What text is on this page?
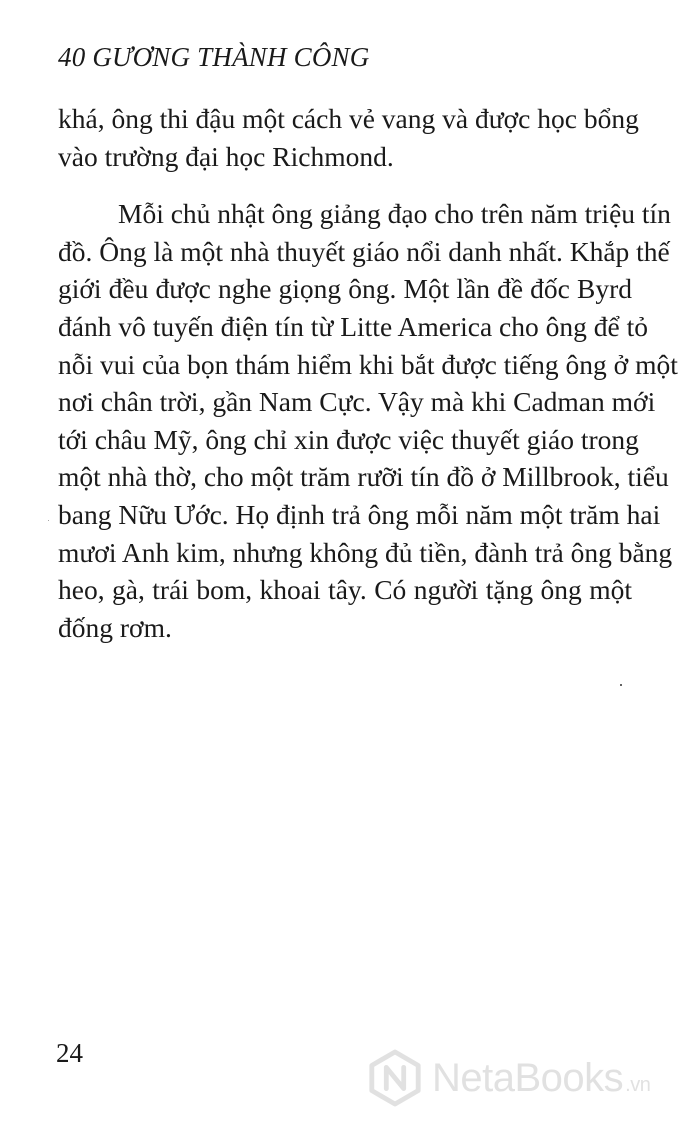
40 GƯƠNG THÀNH CÔNG
khá, ông thi đậu một cách vẻ vang và được học bổng
vào trường đại học Richmond.
Mỗi chủ nhật ông giảng đạo cho trên năm triệu tín
đồ. Ông là một nhà thuyết giáo nổi danh nhất. Khắp thế
giới đều được nghe giọng ông. Một lần đề đốc Byrd
đánh vô tuyến điện tín từ Litte America cho ông để tỏ
nỗi vui của bọn thám hiểm khi bắt được tiếng ông ở một
nơi chân trời, gần Nam Cực. Vậy mà khi Cadman mới
tới châu Mỹ, ông chỉ xin được việc thuyết giáo trong
một nhà thờ, cho một trăm rưỡi tín đồ ở Millbrook, tiểu
bang Nữu Ước. Họ định trả ông mỗi năm một trăm hai
mươi Anh kim, nhưng không đủ tiền, đành trả ông bằng
heo, gà, trái bom, khoai tây. Có người tặng ông một
đống rơm.
24
NetaBooks .vn
